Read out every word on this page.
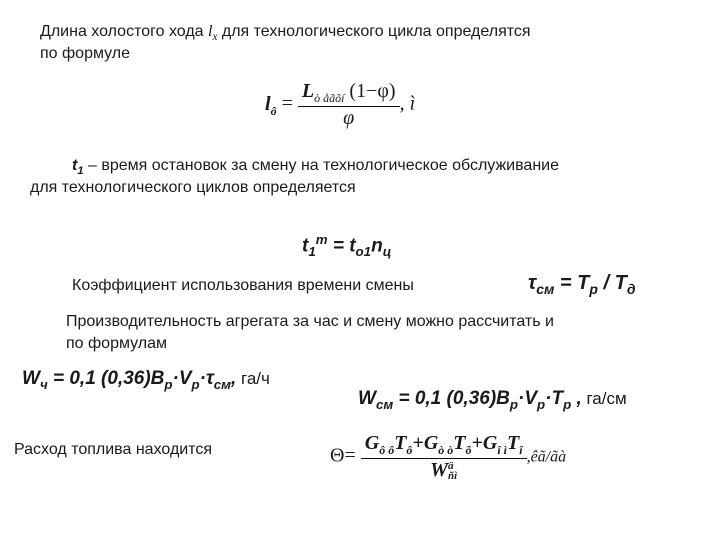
Длина холостого хода $l_x$ для технологического цикла определятся
по формуле
$l_ô = \frac{L_{ò åãõí} (1-\varphi)}{\varphi}$ , ì
$t_1$ – время остановок за смену на технологическое обслуживание
для технологического циклов определяется
$t_1^m = t_{o1}n_ц$
Коэффициент использования времени смены	$\tau_{см} = T_p / T_д$
Производительность агрегата за час и смену можно рассчитать и
по формулам
$W_ч = 0,1$ $(0,36)B_p\cdot V_p\cdot\tau_{см}$, га/ч
$W_{см} = 0,1$ $(0,36)B_p\cdot V_p\cdot T_p$ , га/см
Расход топлива находится	$\Theta= G_{ô ô}T_ô+G_{ò ò}T_õ+G_{î ì}T_î$
W ä
ñì ,êã/ãà
